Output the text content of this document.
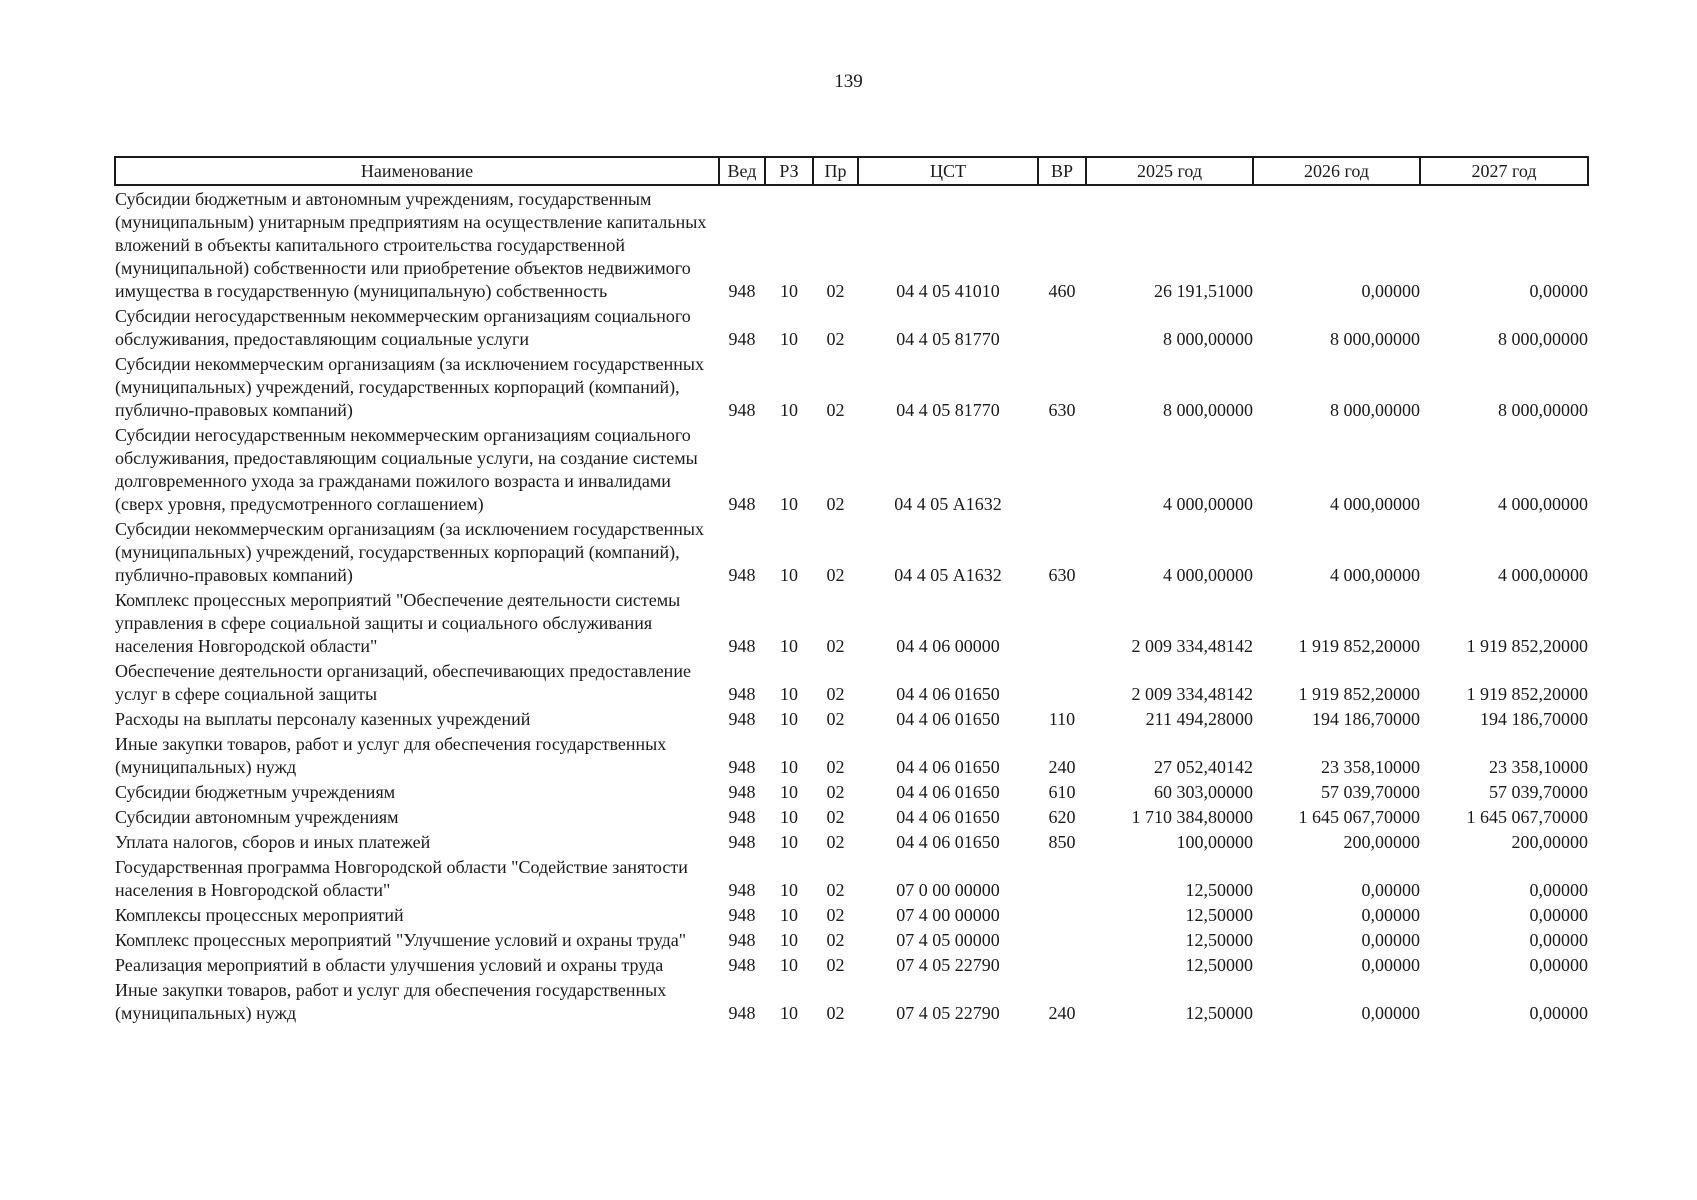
139
Наименование	Вед	РЗ	Пр	ЦСТ	ВР	2025 год	2026 год	2027 год
Субсидии бюджетным и автономным учреждениям, государственным (муниципальным) унитарным предприятиям на осуществление капитальных вложений в объекты капитального строительства государственной (муниципальной) собственности или приобретение объектов недвижимого имущества в государственную (муниципальную) собственность	948	10	02	04 4 05 41010	460	26 191,51000	0,00000	0,00000
Субсидии негосударственным некоммерческим организациям социального обслуживания, предоставляющим социальные услуги	948	10	02	04 4 05 81770		8 000,00000	8 000,00000	8 000,00000
Субсидии некоммерческим организациям (за исключением государственных (муниципальных) учреждений, государственных корпораций (компаний), публично-правовых компаний)	948	10	02	04 4 05 81770	630	8 000,00000	8 000,00000	8 000,00000
Субсидии негосударственным некоммерческим организациям социального обслуживания, предоставляющим социальные услуги, на создание системы долговременного ухода за гражданами пожилого возраста и инвалидами (сверх уровня, предусмотренного соглашением)	948	10	02	04 4 05 А1632		4 000,00000	4 000,00000	4 000,00000
Субсидии некоммерческим организациям (за исключением государственных (муниципальных) учреждений, государственных корпораций (компаний), публично-правовых компаний)	948	10	02	04 4 05 А1632	630	4 000,00000	4 000,00000	4 000,00000
Комплекс процессных мероприятий "Обеспечение деятельности системы управления в сфере социальной защиты и социального обслуживания населения Новгородской области"	948	10	02	04 4 06 00000		2 009 334,48142	1 919 852,20000	1 919 852,20000
Обеспечение деятельности организаций, обеспечивающих предоставление услуг в сфере социальной защиты	948	10	02	04 4 06 01650		2 009 334,48142	1 919 852,20000	1 919 852,20000
Расходы на выплаты персоналу казенных учреждений	948	10	02	04 4 06 01650	110	211 494,28000	194 186,70000	194 186,70000
Иные закупки товаров, работ и услуг для обеспечения государственных (муниципальных) нужд	948	10	02	04 4 06 01650	240	27 052,40142	23 358,10000	23 358,10000
Субсидии бюджетным учреждениям	948	10	02	04 4 06 01650	610	60 303,00000	57 039,70000	57 039,70000
Субсидии автономным учреждениям	948	10	02	04 4 06 01650	620	1 710 384,80000	1 645 067,70000	1 645 067,70000
Уплата налогов, сборов и иных платежей	948	10	02	04 4 06 01650	850	100,00000	200,00000	200,00000
Государственная программа Новгородской области "Содействие занятости населения в Новгородской области"	948	10	02	07 0 00 00000		12,50000	0,00000	0,00000
Комплексы процессных мероприятий	948	10	02	07 4 00 00000		12,50000	0,00000	0,00000
Комплекс процессных мероприятий "Улучшение условий и охраны труда"	948	10	02	07 4 05 00000		12,50000	0,00000	0,00000
Реализация мероприятий в области улучшения условий и охраны труда	948	10	02	07 4 05 22790		12,50000	0,00000	0,00000
Иные закупки товаров, работ и услуг для обеспечения государственных (муниципальных) нужд	948	10	02	07 4 05 22790	240	12,50000	0,00000	0,00000
